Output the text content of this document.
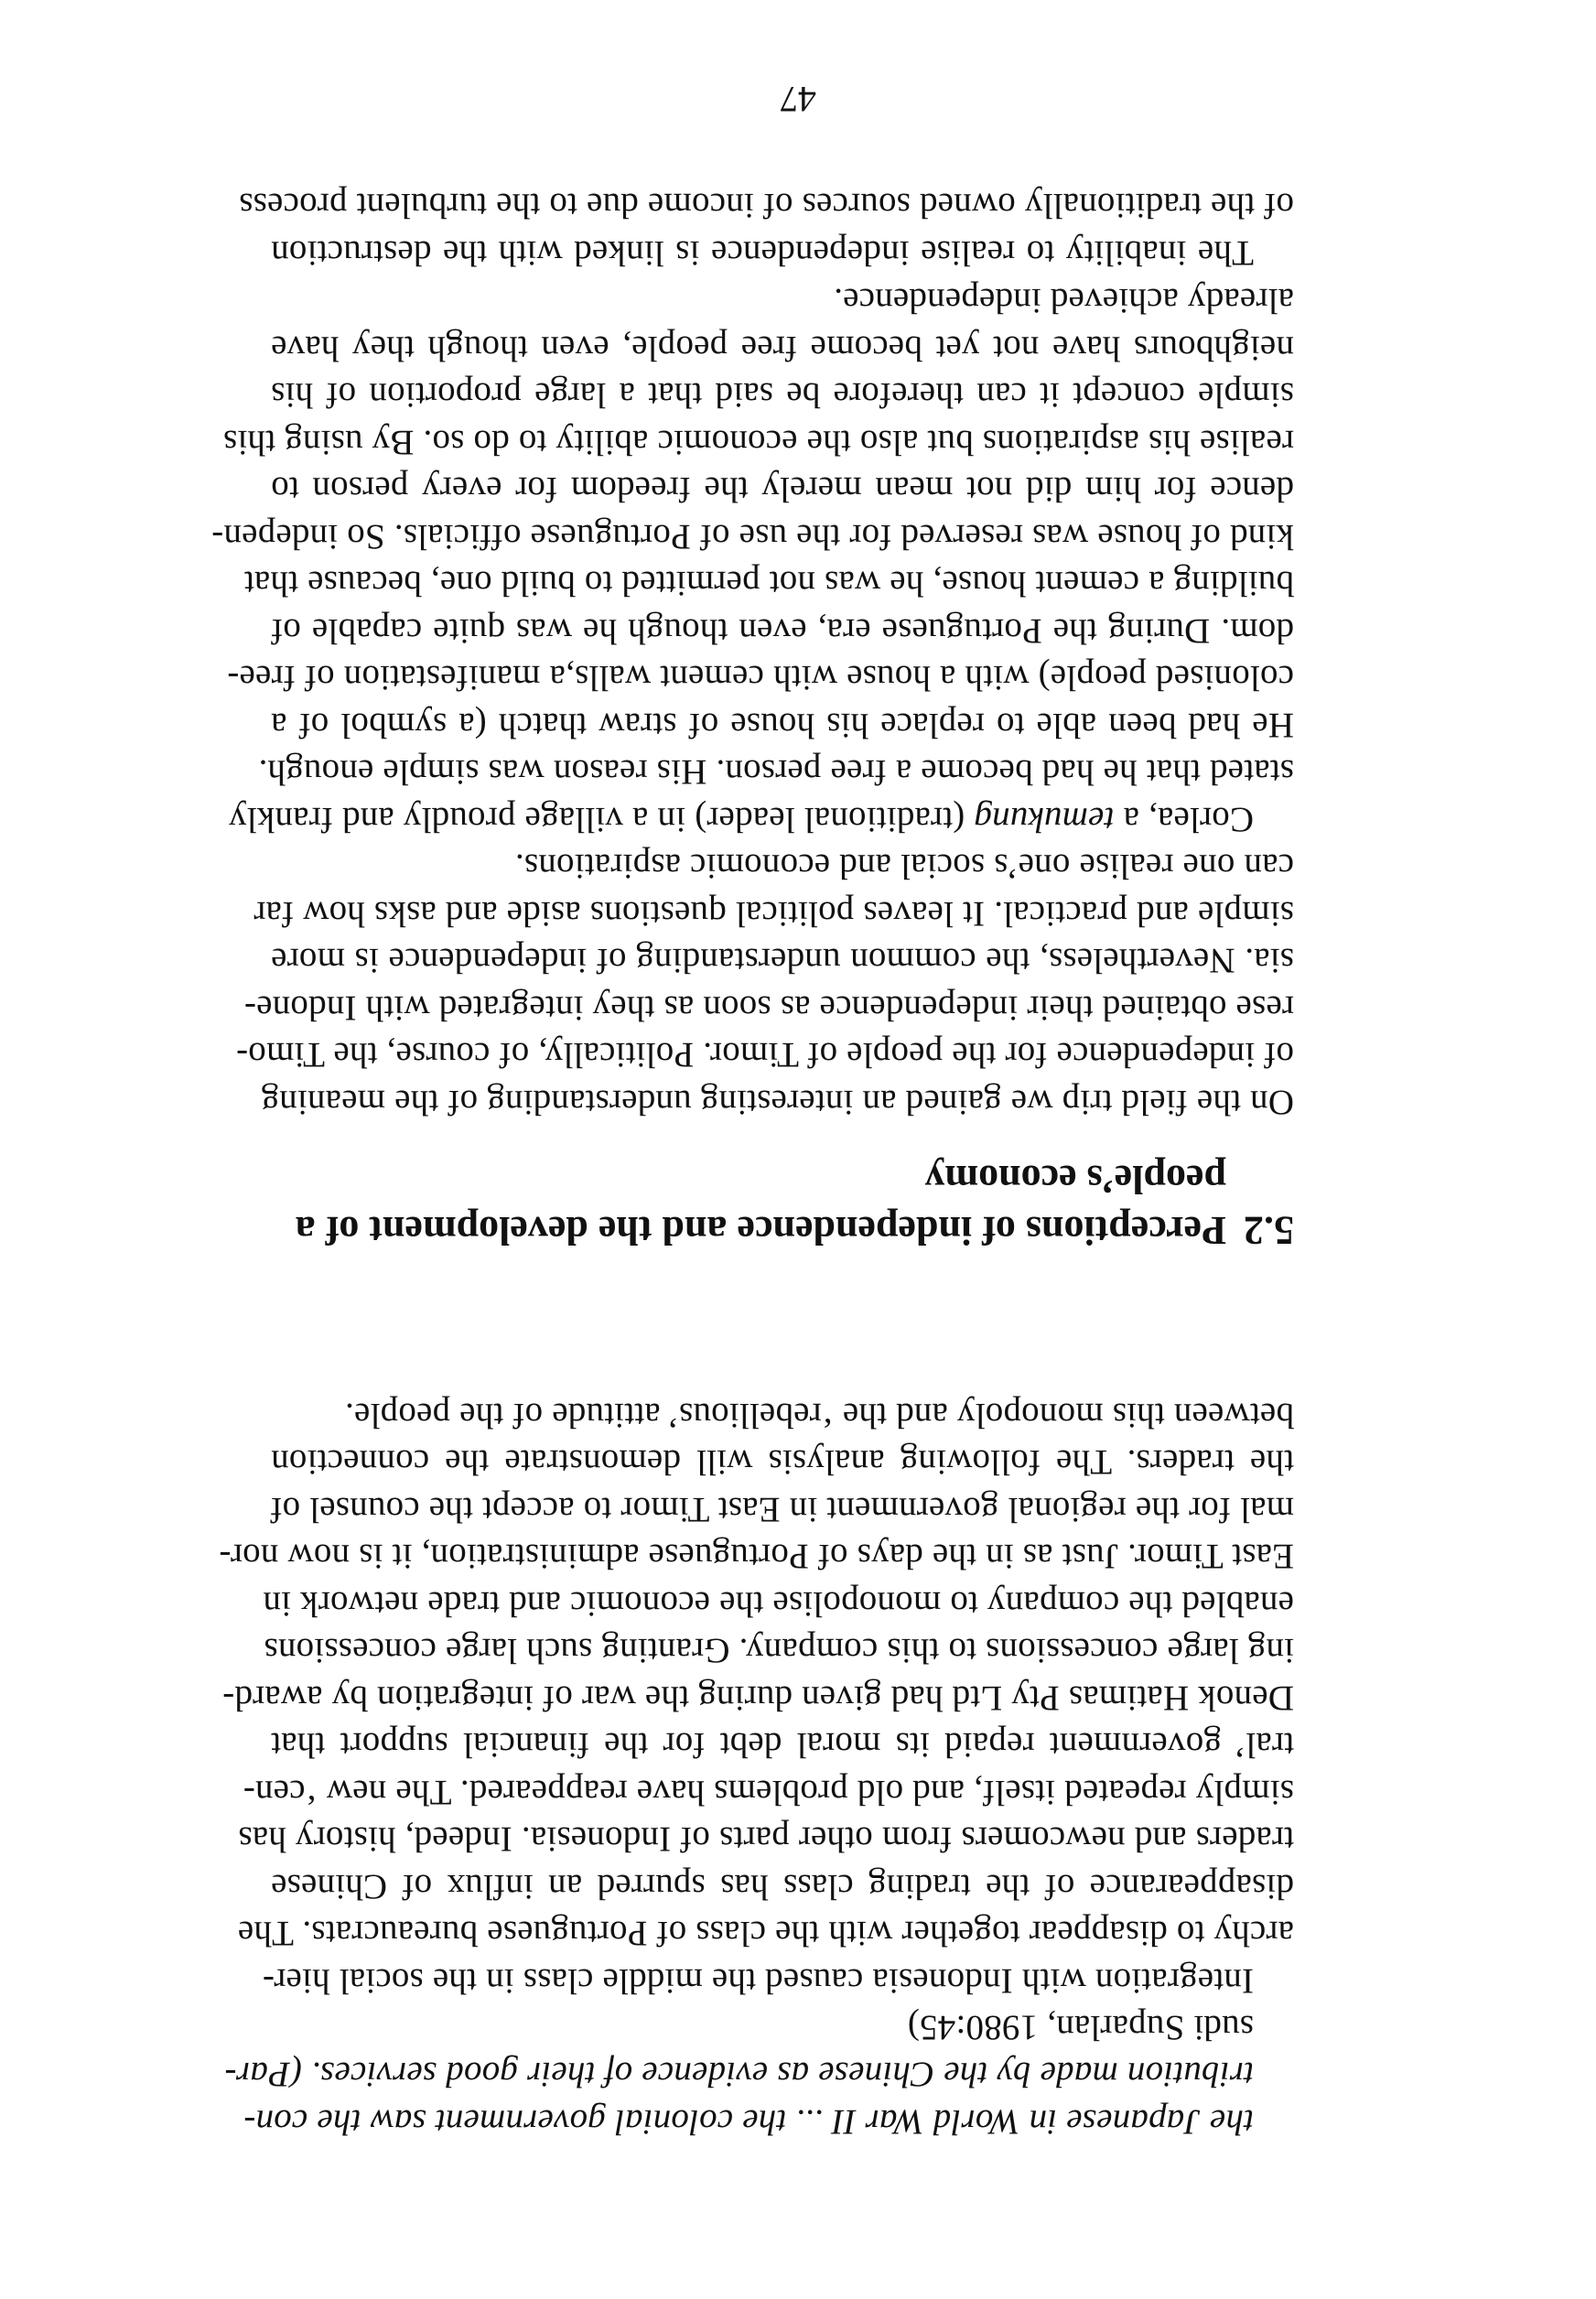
the Japanese in World War II ... the colonial government saw the con-
tribution made by the Chinese as evidence of their good services. (Par-
sudi Suparlan, 1980:45)
Integration with Indonesia caused the middle class in the social hier-
archy to disappear together with the class of Portuguese bureaucrats. The
disappearance of the trading class has spurred an influx of Chinese
traders and newcomers from other parts of Indonesia. Indeed, history has
simply repeated itself, and old problems have reappeared. The new ‘cen-
tral’ government repaid its moral debt for the financial support that
Denok Hatimas Pty Ltd had given during the war of integration by award-
ing large concessions to this company. Granting such large concessions
enabled the company to monopolise the economic and trade network in
East Timor. Just as in the days of Portuguese administration, it is now nor-
mal for the regional government in East Timor to accept the counsel of
the traders. The following analysis will demonstrate the connection
between this monopoly and the ‘rebellious’ attitude of the people.
5.2Perceptions of independence and the development of a
people’s economy
On the field trip we gained an interesting understanding of the meaning
of independence for the people of Timor. Politically, of course, the Timo-
rese obtained their independence as soon as they integrated with Indone-
sia. Nevertheless, the common understanding of independence is more
simple and practical. It leaves political questions aside and asks how far
can one realise one’s social and economic aspirations.
Corlea, a temukung (traditional leader) in a village proudly and frankly
stated that he had become a free person. His reason was simple enough.
He had been able to replace his house of straw thatch (a symbol of a
colonised people) with a house with cement walls,a manifestation of free-
dom. During the Portuguese era, even though he was quite capable of
building a cement house, he was not permitted to build one, because that
kind of house was reserved for the use of Portuguese officials. So indepen-
dence for him did not mean merely the freedom for every person to
realise his aspirations but also the economic ability to do so. By using this
simple concept it can therefore be said that a large proportion of his
neighbours have not yet become free people, even though they have
already achieved independence.
The inability to realise independence is linked with the destruction
of the traditionally owned sources of income due to the turbulent process
47
